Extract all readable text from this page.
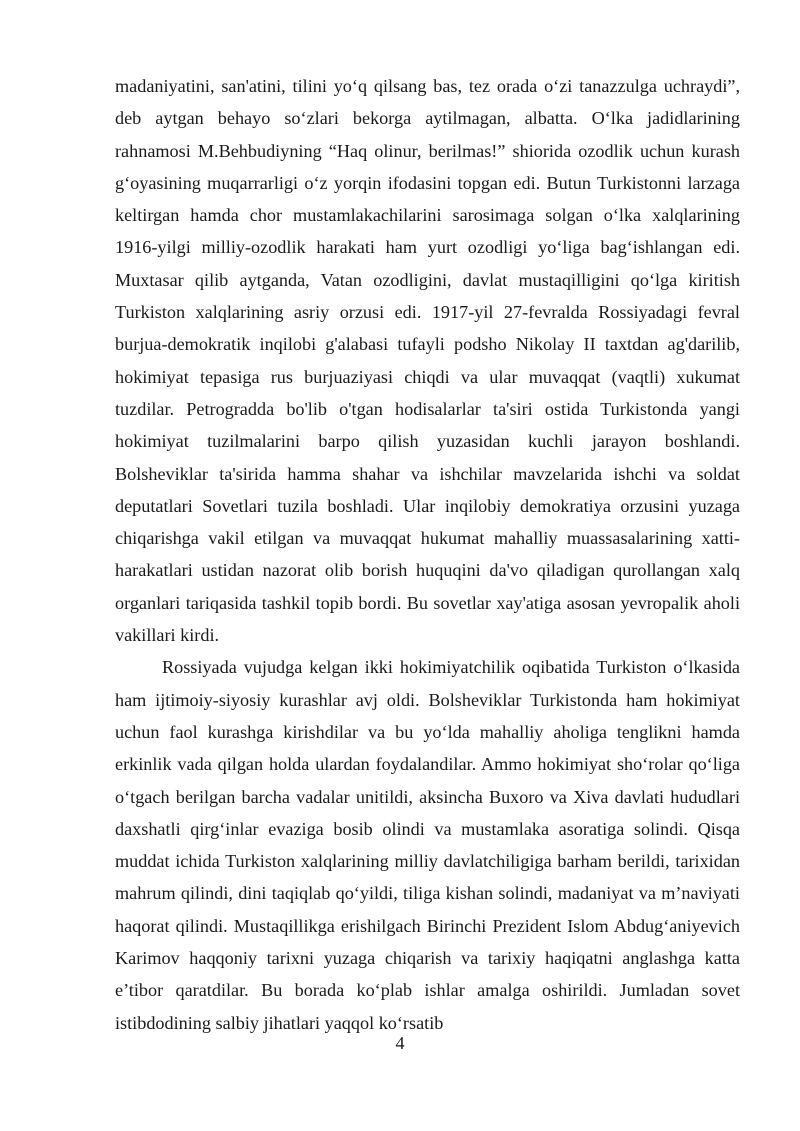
madaniyatini, san'atini, tilini yo‘q qilsang bas, tez orada o‘zi tanazzulga uchraydi”, deb aytgan behayo so‘zlari bekorga aytilmagan, albatta. O‘lka jadidlarining rahnamosi M.Behbudiyning “Haq olinur, berilmas!” shiorida ozodlik uchun kurash g‘oyasining muqarrarligi o‘z yorqin ifodasini topgan edi. Butun Turkistonni larzaga keltirgan hamda chor mustamlakachilarini sarosimaga solgan o‘lka xalqlarining 1916-yilgi milliy-ozodlik harakati ham yurt ozodligi yo‘liga bag‘ishlangan edi. Muxtasar qilib aytganda, Vatan ozodligini, davlat mustaqilligini qo‘lga kiritish Turkiston xalqlarining asriy orzusi edi. 1917-yil 27-fevralda Rossiyadagi fevral burjua-demokratik inqilobi g'alabasi tufayli podsho Nikolay II taxtdan ag'darilib, hokimiyat tepasiga rus burjuaziyasi chiqdi va ular muvaqqat (vaqtli) xukumat tuzdilar. Petrogradda bo'lib o'tgan hodisalarlar ta'siri ostida Turkistonda yangi hokimiyat tuzilmalarini barpo qilish yuzasidan kuchli jarayon boshlandi. Bolsheviklar ta'sirida hamma shahar va ishchilar mavzelarida ishchi va soldat deputatlari Sovetlari tuzila boshladi. Ular inqilobiy demokratiya orzusini yuzaga chiqarishga vakil etilgan va muvaqqat hukumat mahalliy muassasalarining xatti-harakatlari ustidan nazorat olib borish huquqini da'vo qiladigan qurollangan xalq organlari tariqasida tashkil topib bordi. Bu sovetlar xay'atiga asosan yevropalik aholi vakillari kirdi.

Rossiyada vujudga kelgan ikki hokimiyatchilik oqibatida Turkiston o‘lkasida ham ijtimoiy-siyosiy kurashlar avj oldi. Bolsheviklar Turkistonda ham hokimiyat uchun faol kurashga kirishdilar va bu yo‘lda mahalliy aholiga tenglikni hamda erkinlik vada qilgan holda ulardan foydalandilar. Ammo hokimiyat sho‘rolar qo‘liga o‘tgach berilgan barcha vadalar unitildi, aksincha Buxoro va Xiva davlati hududlari daxshatli qirg‘inlar evaziga bosib olindi va mustamlaka asoratiga solindi. Qisqa muddat ichida Turkiston xalqlarining milliy davlatchiligiga barham berildi, tarixidan mahrum qilindi, dini taqiqlab qo‘yildi, tiliga kishan solindi, madaniyat va m’naviyati haqorat qilindi. Mustaqillikga erishilgach Birinchi Prezident Islom Abdug‘aniyevich Karimov haqqoniy tarixni yuzaga chiqarish va tarixiy haqiqatni anglashga katta e’tibor qaratdilar. Bu borada ko‘plab ishlar amalga oshirildi. Jumladan sovet istibdodining salbiy jihatlari yaqqol ko‘rsatib

4
